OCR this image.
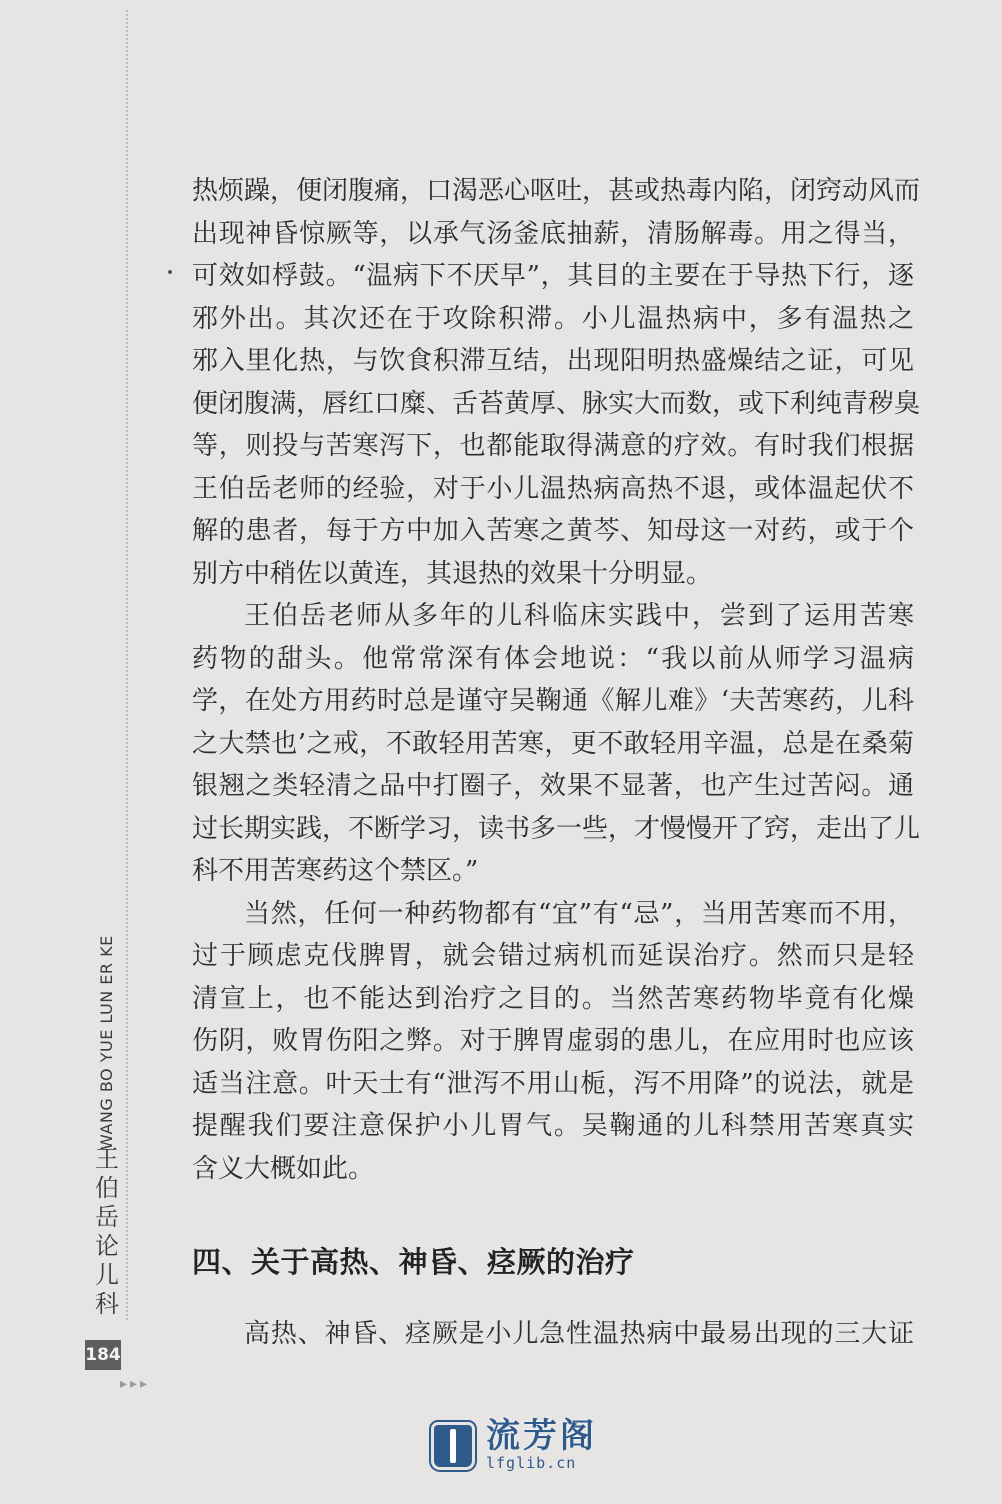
WANG BO YUE LUN ER KE
王
伯
岳
论
儿
科
184
▸▸▸

热烦躁，便闭腹痛，口渴恶心呕吐，甚或热毒内陷，闭窍动风而
出现神昏惊厥等，以承气汤釜底抽薪，清肠解毒。用之得当，
可效如桴鼓。“温病下不厌早”，其目的主要在于导热下行，逐
邪外出。其次还在于攻除积滞。小儿温热病中，多有温热之
邪入里化热，与饮食积滞互结，出现阳明热盛燥结之证，可见
便闭腹满，唇红口糜、舌苔黄厚、脉实大而数，或下利纯青秽臭
等，则投与苦寒泻下，也都能取得满意的疗效。有时我们根据
王伯岳老师的经验，对于小儿温热病高热不退，或体温起伏不
解的患者，每于方中加入苦寒之黄芩、知母这一对药，或于个
别方中稍佐以黄连，其退热的效果十分明显。

王伯岳老师从多年的儿科临床实践中，尝到了运用苦寒
药物的甜头。他常常深有体会地说：“我以前从师学习温病
学，在处方用药时总是谨守吴鞠通《解儿难》‘夫苦寒药，儿科
之大禁也’之戒，不敢轻用苦寒，更不敢轻用辛温，总是在桑菊
银翘之类轻清之品中打圈子，效果不显著，也产生过苦闷。通
过长期实践，不断学习，读书多一些，才慢慢开了窍，走出了儿
科不用苦寒药这个禁区。”

当然，任何一种药物都有“宜”有“忌”，当用苦寒而不用，
过于顾虑克伐脾胃，就会错过病机而延误治疗。然而只是轻
清宣上，也不能达到治疗之目的。当然苦寒药物毕竟有化燥
伤阴，败胃伤阳之弊。对于脾胃虚弱的患儿，在应用时也应该
适当注意。叶天士有“泄泻不用山栀，泻不用降”的说法，就是
提醒我们要注意保护小儿胃气。吴鞠通的儿科禁用苦寒真实
含义大概如此。

四、关于高热、神昏、痉厥的治疗
高热、神昏、痉厥是小儿急性温热病中最易出现的三大证
流芳阁
lfglib.cn
